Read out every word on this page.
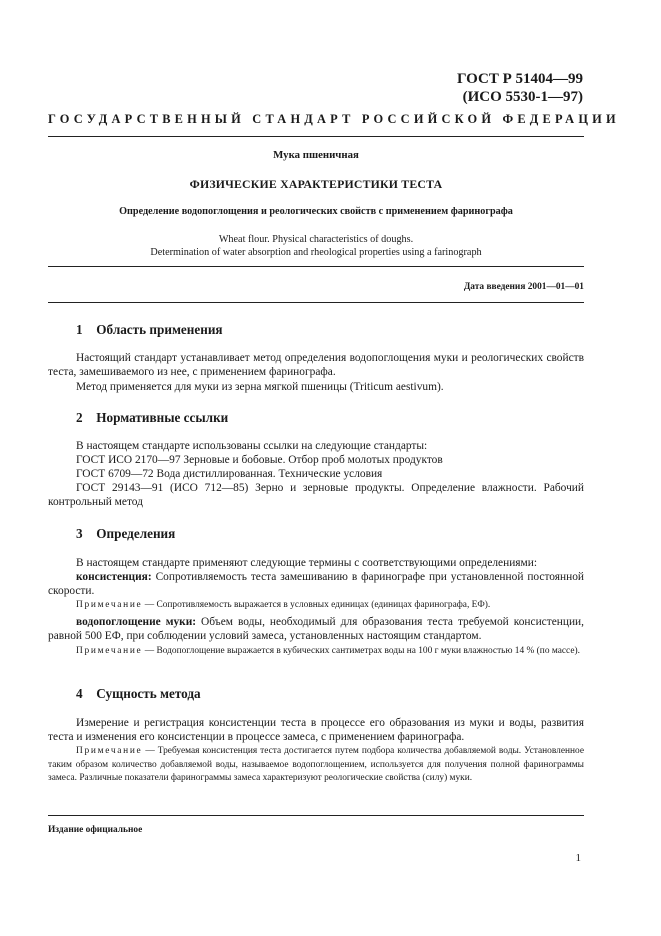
ГОСТ Р 51404—99
(ИСО 5530-1—97)
ГОСУДАРСТВЕННЫЙ СТАНДАРТ РОССИЙСКОЙ ФЕДЕРАЦИИ
Мука пшеничная
ФИЗИЧЕСКИЕ ХАРАКТЕРИСТИКИ ТЕСТА
Определение водопоглощения и реологических свойств с применением фаринографа
Wheat flour. Physical characteristics of doughs.
Determination of water absorption and rheological properties using a farinograph
Дата введения 2001—01—01
1 Область применения

Настоящий стандарт устанавливает метод определения водопоглощения муки и реологических свойств теста, замешиваемого из нее, с применением фаринографа.

Метод применяется для муки из зерна мягкой пшеницы (Triticum aestivum).

2 Нормативные ссылки

В настоящем стандарте использованы ссылки на следующие стандарты:

ГОСТ ИСО 2170—97 Зерновые и бобовые. Отбор проб молотых продуктов

ГОСТ 6709—72 Вода дистиллированная. Технические условия

ГОСТ 29143—91 (ИСО 712—85) Зерно и зерновые продукты. Определение влажности. Рабочий контрольный метод

3 Определения

В настоящем стандарте применяют следующие термины с соответствующими определениями:

консистенция: Сопротивляемость теста замешиванию в фаринографе при установленной постоянной скорости.

Примечание — Сопротивляемость выражается в условных единицах (единицах фаринографа, ЕФ).

водопоглощение муки: Объем воды, необходимый для образования теста требуемой консистенции, равной 500 ЕФ, при соблюдении условий замеса, установленных настоящим стандартом.

Примечание — Водопоглощение выражается в кубических сантиметрах воды на 100 г муки влажностью 14 % (по массе).

4 Сущность метода

Измерение и регистрация консистенции теста в процессе его образования из муки и воды, развития теста и изменения его консистенции в процессе замеса, с применением фаринографа.

Примечание — Требуемая консистенция теста достигается путем подбора количества добавляемой воды. Установленное таким образом количество добавляемой воды, называемое водопоглощением, используется для получения полной фаринограммы замеса. Различные показатели фаринограммы замеса характеризуют реологические свойства (силу) муки.

Издание официальное
1
